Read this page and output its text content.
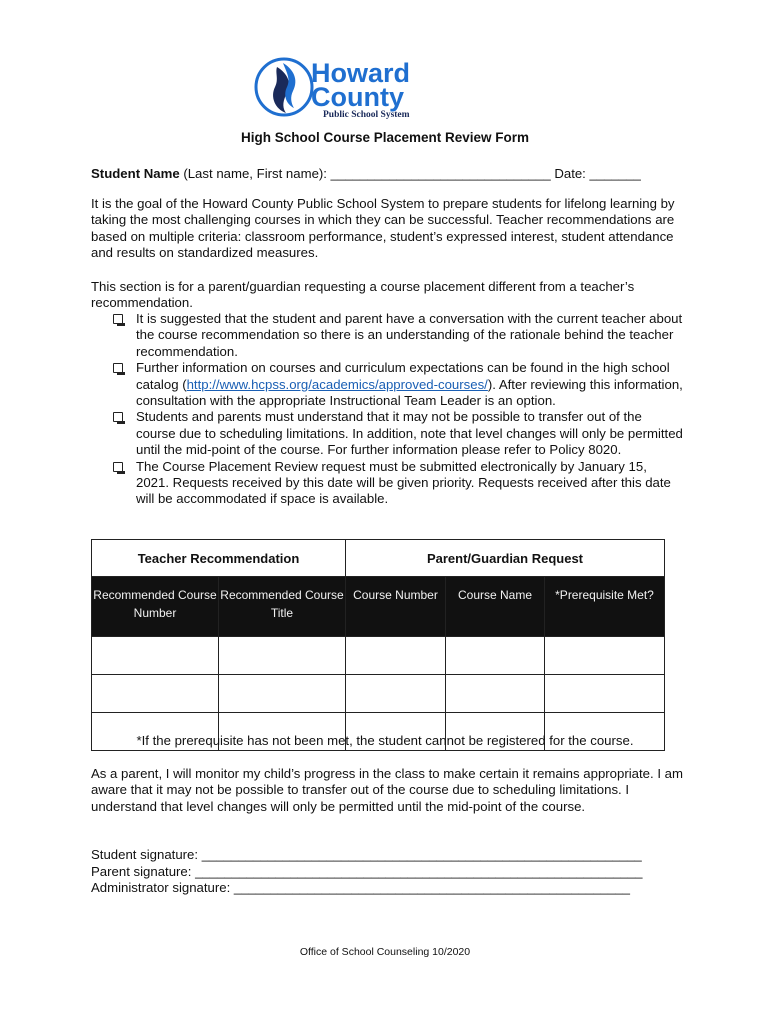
Howard
County
Public School System
High School Course Placement Review Form
Student Name (Last name, First name): ______________________________ Date: _______
It is the goal of the Howard County Public School System to prepare students for lifelong learning by taking the most challenging courses in which they can be successful. Teacher recommendations are based on multiple criteria: classroom performance, student’s expressed interest, student attendance and results on standardized measures.
This section is for a parent/guardian requesting a course placement different from a teacher’s recommendation.
It is suggested that the student and parent have a conversation with the current teacher about the course recommendation so there is an understanding of the rationale behind the teacher recommendation.
Further information on courses and curriculum expectations can be found in the high school catalog (http://www.hcpss.org/academics/approved-courses/). After reviewing this information, consultation with the appropriate Instructional Team Leader is an option.
Students and parents must understand that it may not be possible to transfer out of the course due to scheduling limitations. In addition, note that level changes will only be permitted until the mid-point of the course. For further information please refer to Policy 8020.
The Course Placement Review request must be submitted electronically by January 15, 2021. Requests received by this date will be given priority. Requests received after this date will be accommodated if space is available.
Teacher Recommendation		Parent/Guardian Request		
Recommended Course Number	Recommended Course Title	Course Number	Course Name	*Prerequisite Met?

*If the prerequisite has not been met, the student cannot be registered for the course.
As a parent, I will monitor my child’s progress in the class to make certain it remains appropriate. I am aware that it may not be possible to transfer out of the course due to scheduling limitations. I understand that level changes will only be permitted until the mid-point of the course.
Student signature: ____________________________________________________________
Parent signature: _____________________________________________________________
Administrator signature: ______________________________________________________
Office of School Counseling 10/2020
